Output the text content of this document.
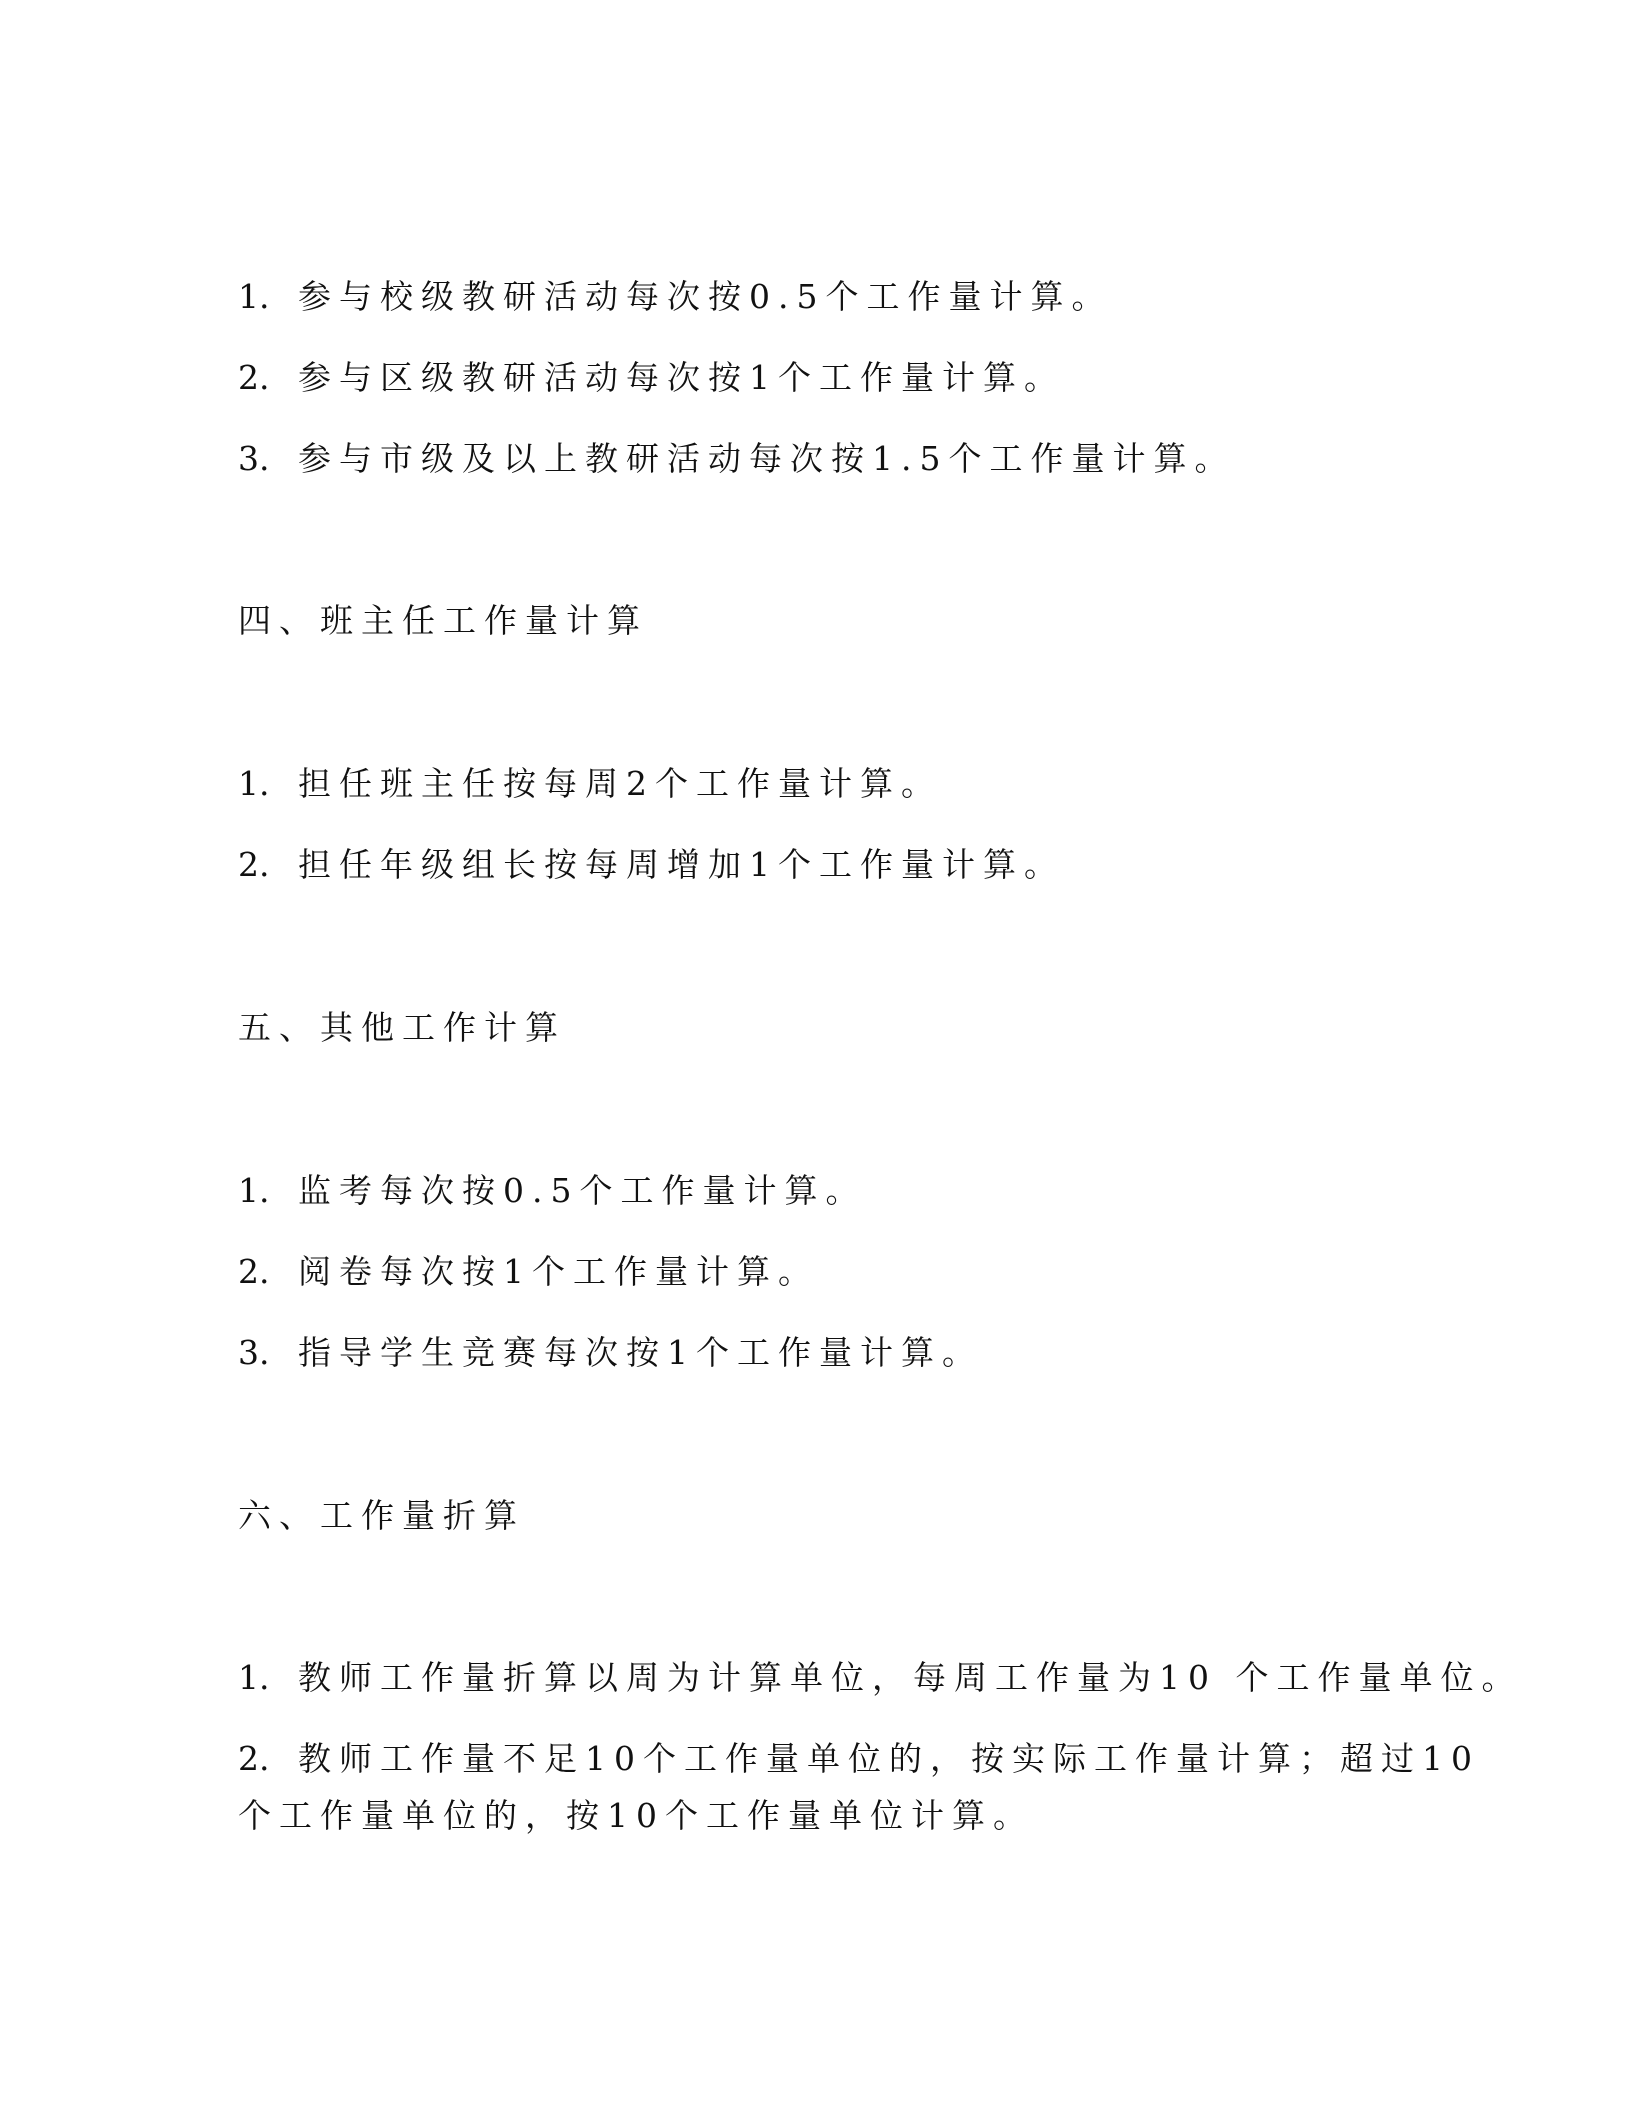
1. 参与校级教研活动每次按0.5个工作量计算。

2. 参与区级教研活动每次按1个工作量计算。

3. 参与市级及以上教研活动每次按1.5个工作量计算。

四、班主任工作量计算

1. 担任班主任按每周2个工作量计算。

2. 担任年级组长按每周增加1个工作量计算。

五、其他工作计算

1. 监考每次按0.5个工作量计算。

2. 阅卷每次按1个工作量计算。

3. 指导学生竞赛每次按1个工作量计算。

六、工作量折算

1. 教师工作量折算以周为计算单位，每周工作量为10 个工作量单位。

2. 教师工作量不足10个工作量单位的，按实际工作量计算；超过10

个工作量单位的，按10个工作量单位计算。
